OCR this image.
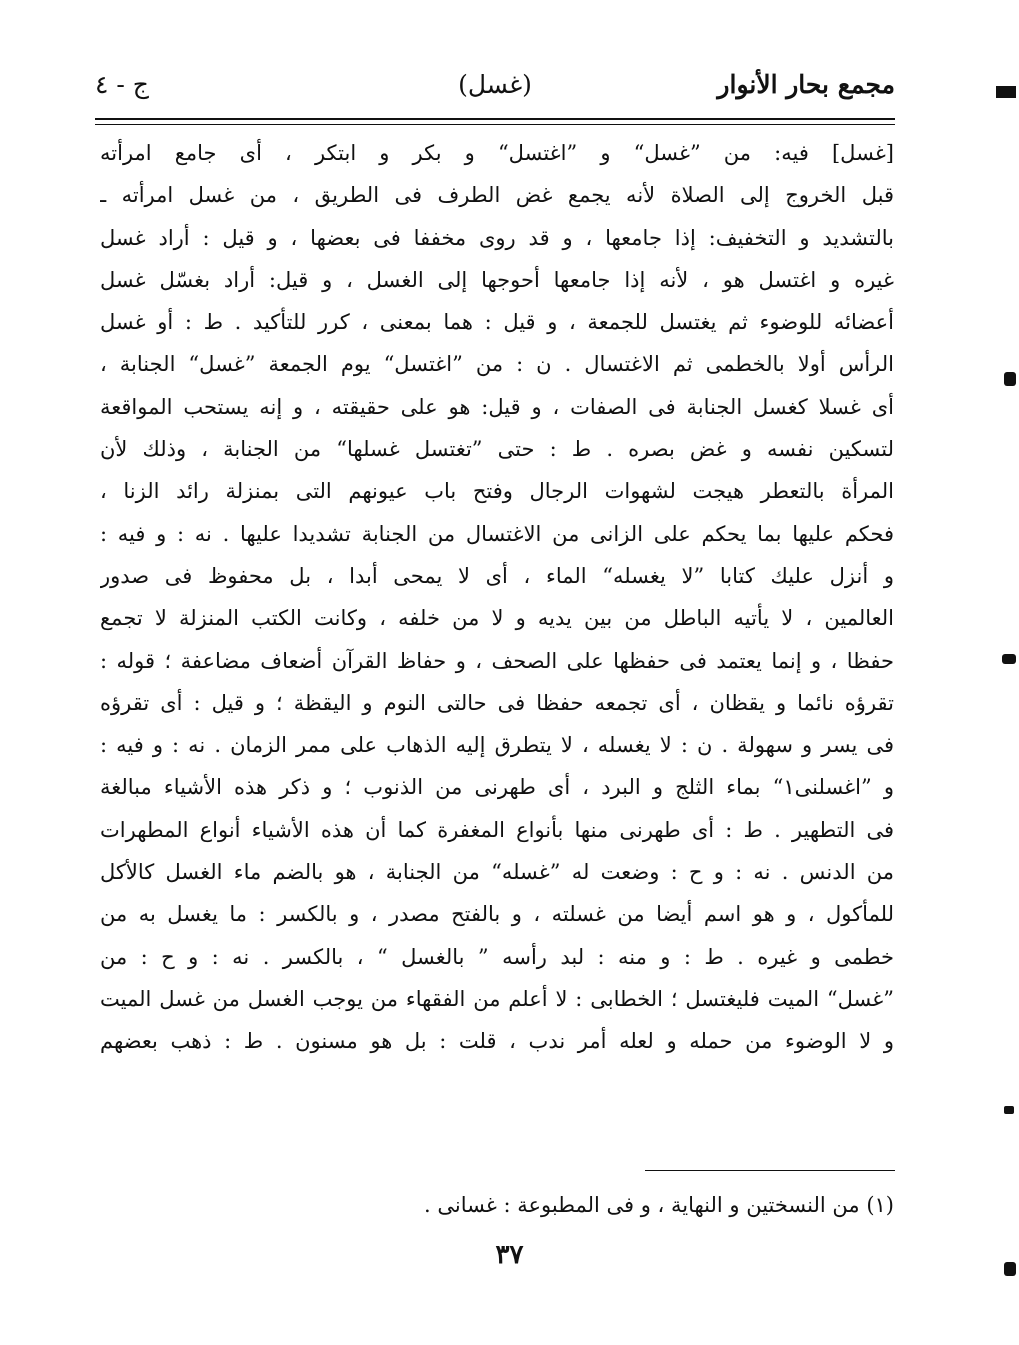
مجمع بحار الأنوار
(غسل)
ج - ٤
[غسل] فيه: من ”غسل“ و ”اغتسل“ و بكر و ابتكر ، أى جامع امرأته
قبل الخروج إلى الصلاة لأنه يجمع غض الطرف فى الطريق ، من غسل امرأته ـ
بالتشديد و التخفيف: إذا جامعها ، و قد روى مخففا فى بعضها ، و قيل : أراد غسل
غيره و اغتسل هو ، لأنه إذا جامعها أحوجها إلى الغسل ، و قيل: أراد بغسّل غسل
أعضائه للوضوء ثم يغتسل للجمعة ، و قيل : هما بمعنى ، كرر للتأكيد . ط : أو غسل
الرأس أولا بالخطمى ثم الاغتسال . ن : من ”اغتسل“ يوم الجمعة ”غسل“ الجنابة ،
أى غسلا كغسل الجنابة فى الصفات ، و قيل: هو على حقيقته ، و إنه يستحب المواقعة
لتسكين نفسه و غض بصره . ط : حتى ”تغتسل غسلها“ من الجنابة ، وذلك لأن
المرأة بالتعطر هيجت لشهوات الرجال وفتح باب عيونهم التى بمنزلة رائد الزنا ،
فحكم عليها بما يحكم على الزانى من الاغتسال من الجنابة تشديدا عليها . نه : و فيه :
و أنزل عليك كتابا ”لا يغسله“ الماء ، أى لا يمحى أبدا ، بل محفوظ فى صدور
العالمين ، لا يأتيه الباطل من بين يديه و لا من خلفه ، وكانت الكتب المنزلة لا تجمع
حفظا ، و إنما يعتمد فى حفظها على الصحف ، و حفاظ القرآن أضعاف مضاعفة ؛ قوله :
تقرؤه نائما و يقظان ، أى تجمعه حفظا فى حالتى النوم و اليقظة ؛ و قيل : أى تقرؤه
فى يسر و سهولة . ن : لا يغسله ، لا يتطرق إليه الذهاب على ممر الزمان . نه : و فيه :
و ”اغسلنى١“ بماء الثلج و البرد ، أى طهرنى من الذنوب ؛ و ذكر هذه الأشياء مبالغة
فى التطهير . ط : أى طهرنى منها بأنواع المغفرة كما أن هذه الأشياء أنواع المطهرات
من الدنس . نه : و ح : وضعت له ”غسله“ من الجنابة ، هو بالضم ماء الغسل كالأكل
للمأكول ، و هو اسم أيضا من غسلته ، و بالفتح مصدر ، و بالكسر : ما يغسل به من
خطمى و غيره . ط : و منه : لبد رأسه ” بالغسل “ ، بالكسر . نه : و ح : من
”غسل“ الميت فليغتسل ؛ الخطابى : لا أعلم من الفقهاء من يوجب الغسل من غسل الميت
و لا الوضوء من حمله و لعله أمر ندب ، قلت : بل هو مسنون . ط : ذهب بعضهم
(١) من النسختين و النهاية ، و فى المطبوعة : غسانى .
٣٧
